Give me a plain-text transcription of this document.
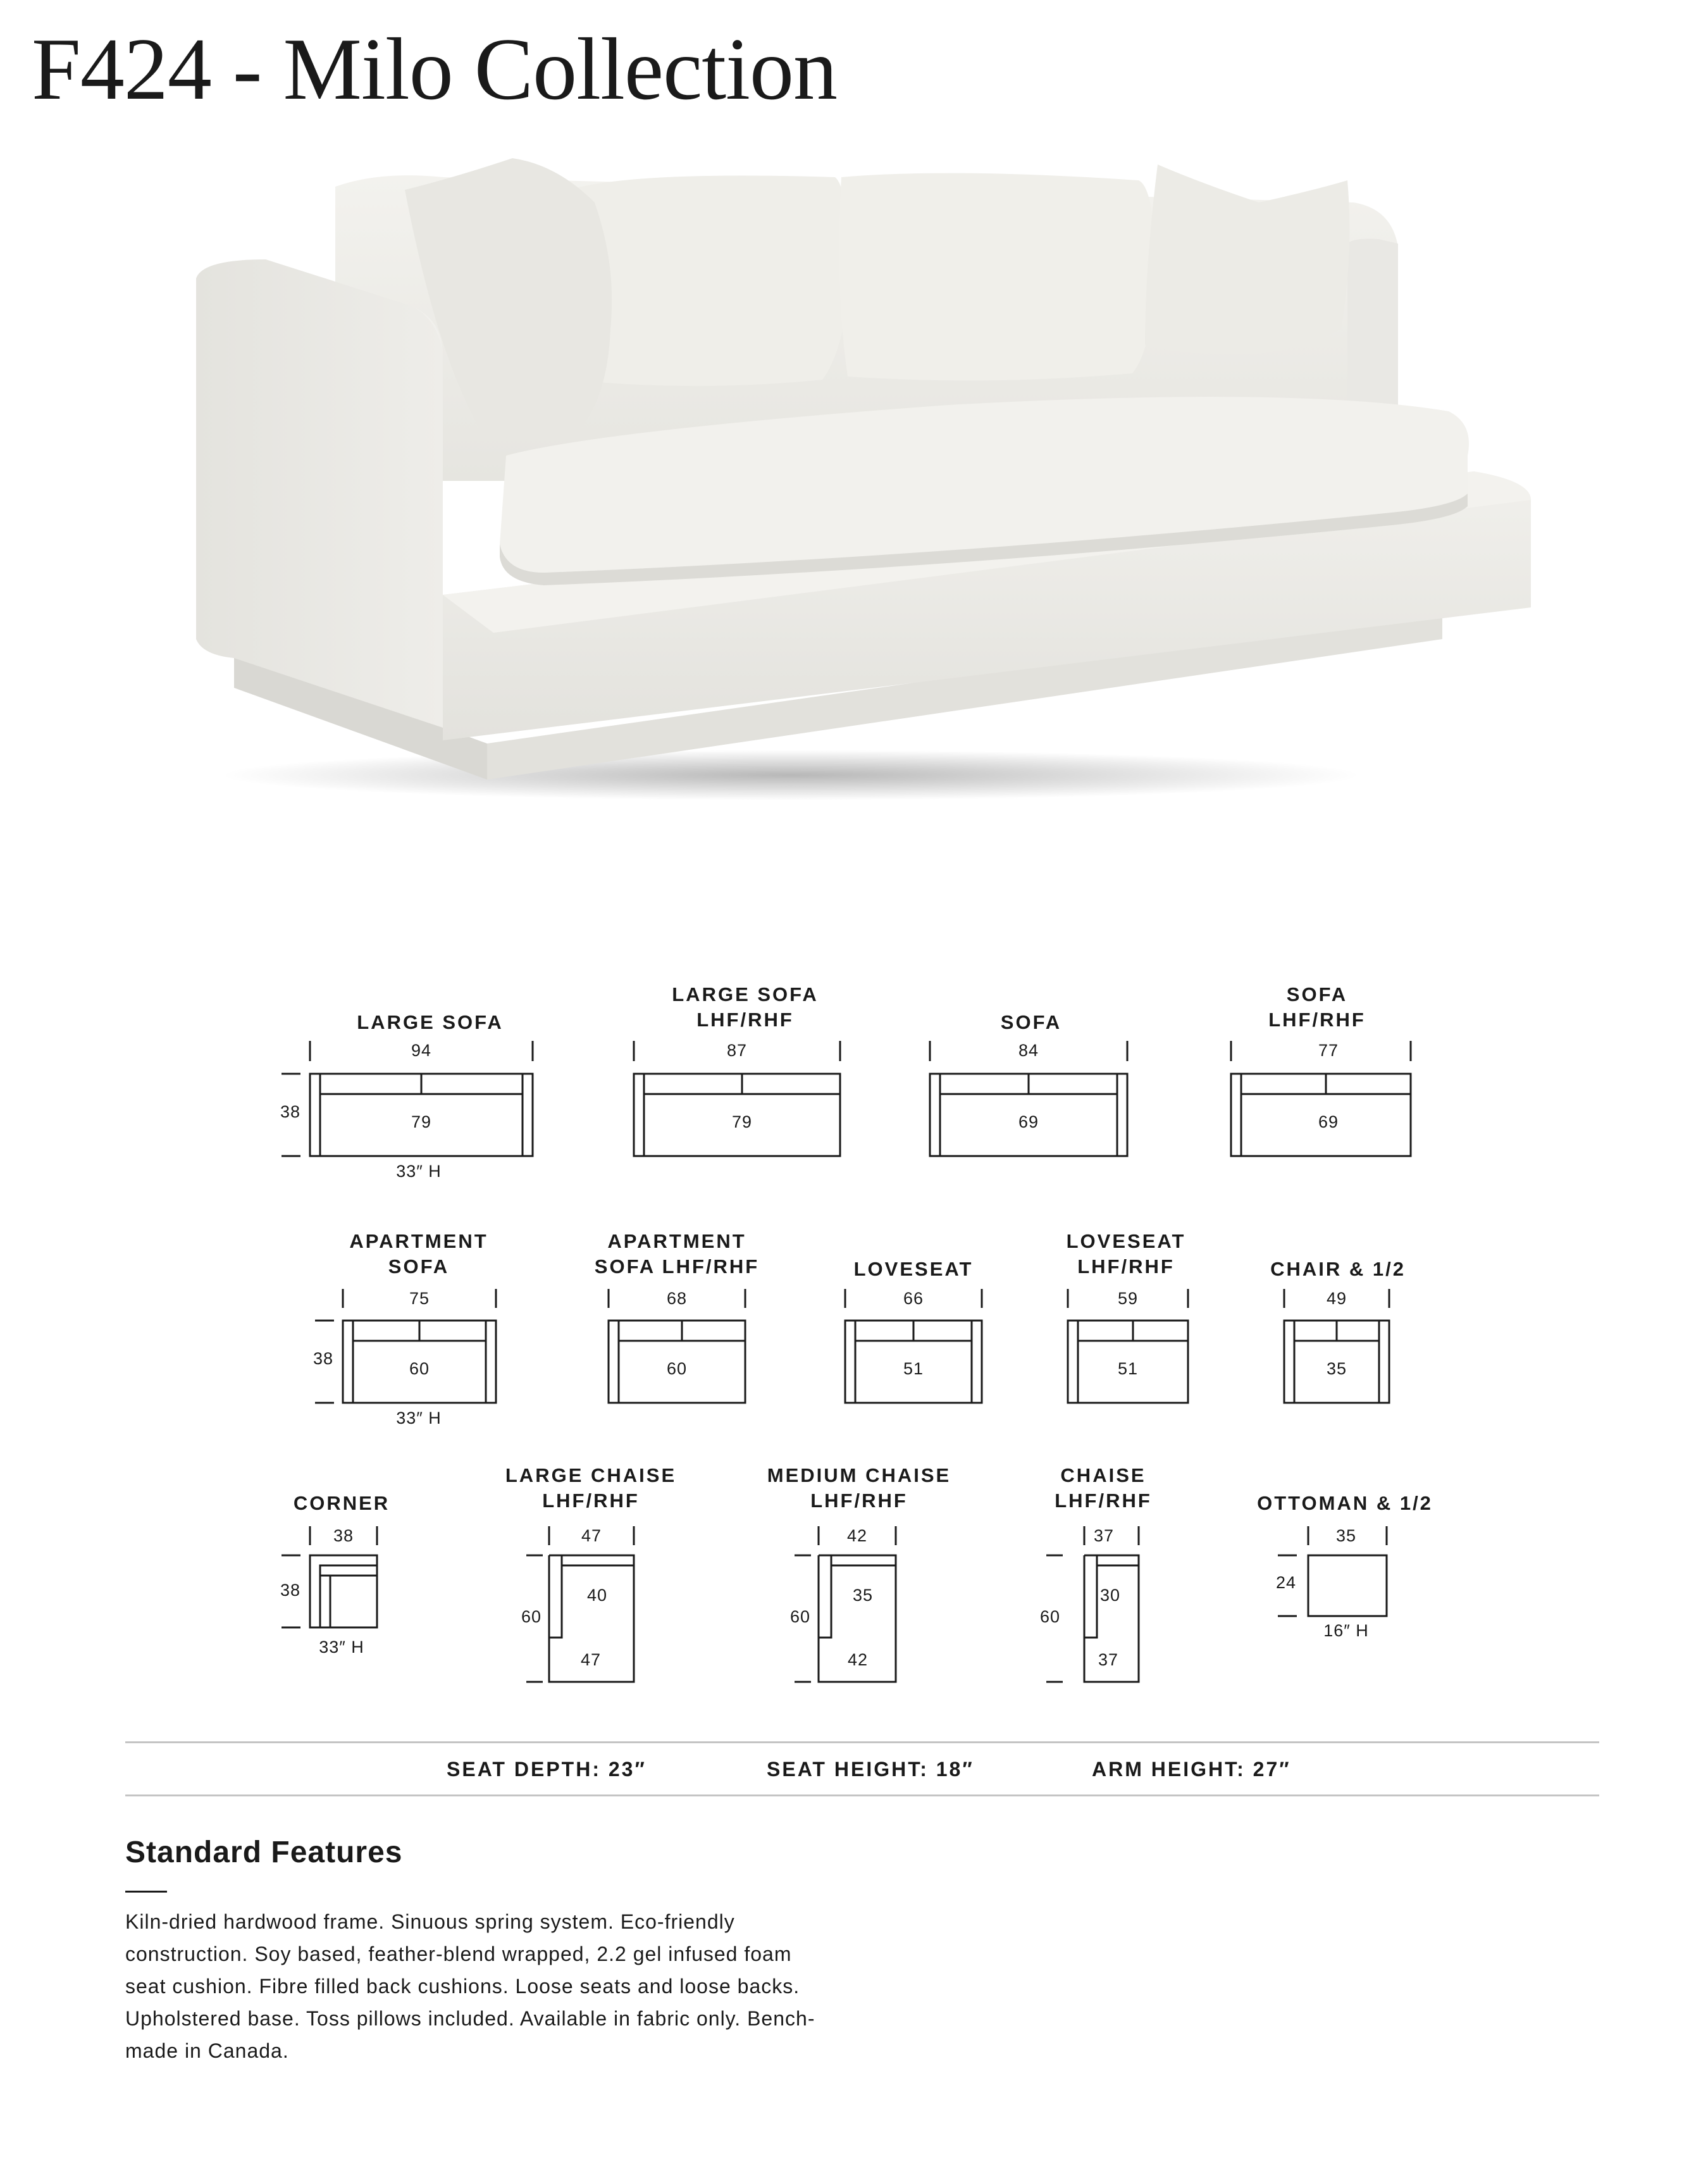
F424 - Milo Collection
LARGE SOFA
94
38
79
33″ H
LARGE SOFA
LHF/RHF
87
79
SOFA
84
69
SOFA
LHF/RHF
77
69
APARTMENT
SOFA
75
38
60
33″ H
APARTMENT
SOFA LHF/RHF
68
60
LOVESEAT
66
51
LOVESEAT
LHF/RHF
59
51
CHAIR & 1/2
49
35
CORNER
38
38
33″ H
LARGE CHAISE
LHF/RHF
47
60
40
47
MEDIUM CHAISE
LHF/RHF
42
60
35
42
CHAISE
LHF/RHF
37
60
30
37
OTTOMAN & 1/2
35
24
16″ H
SEAT DEPTH: 23″	SEAT HEIGHT: 18″	ARM HEIGHT: 27″
Standard Features

Kiln-dried hardwood frame. Sinuous spring system. Eco-friendly construction. Soy based, feather-blend wrapped, 2.2 gel infused foam seat cushion. Fibre filled back cushions. Loose seats and loose backs. Upholstered base. Toss pillows included. Available in fabric only. Bench-made in Canada.
